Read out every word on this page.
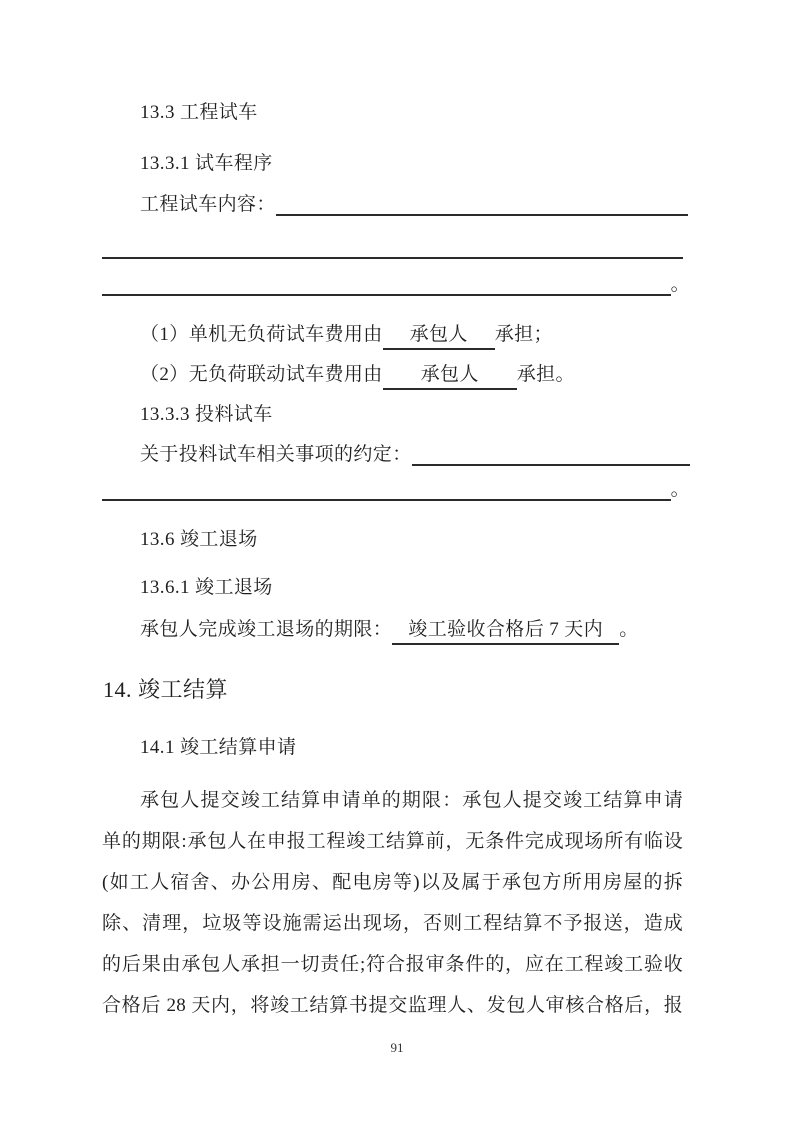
13.3 工程试车
13.3.1 试车程序
工程试车内容：
。
（1）单机无负荷试车费用由 承包人 承担；
（2）无负荷联动试车费用由 承包人 承担。
13.3.3 投料试车
关于投料试车相关事项的约定：
。
13.6 竣工退场
13.6.1 竣工退场
承包人完成竣工退场的期限： 竣工验收合格后 7 天内 。
14. 竣工结算
14.1 竣工结算申请
承包人提交竣工结算申请单的期限：承包人提交竣工结算申请
单的期限:承包人在申报工程竣工结算前，无条件完成现场所有临设
(如工人宿舍、办公用房、配电房等)以及属于承包方所用房屋的拆
除、清理，垃圾等设施需运出现场，否则工程结算不予报送，造成
的后果由承包人承担一切责任;符合报审条件的，应在工程竣工验收
合格后 28 天内，将竣工结算书提交监理人、发包人审核合格后，报
91
